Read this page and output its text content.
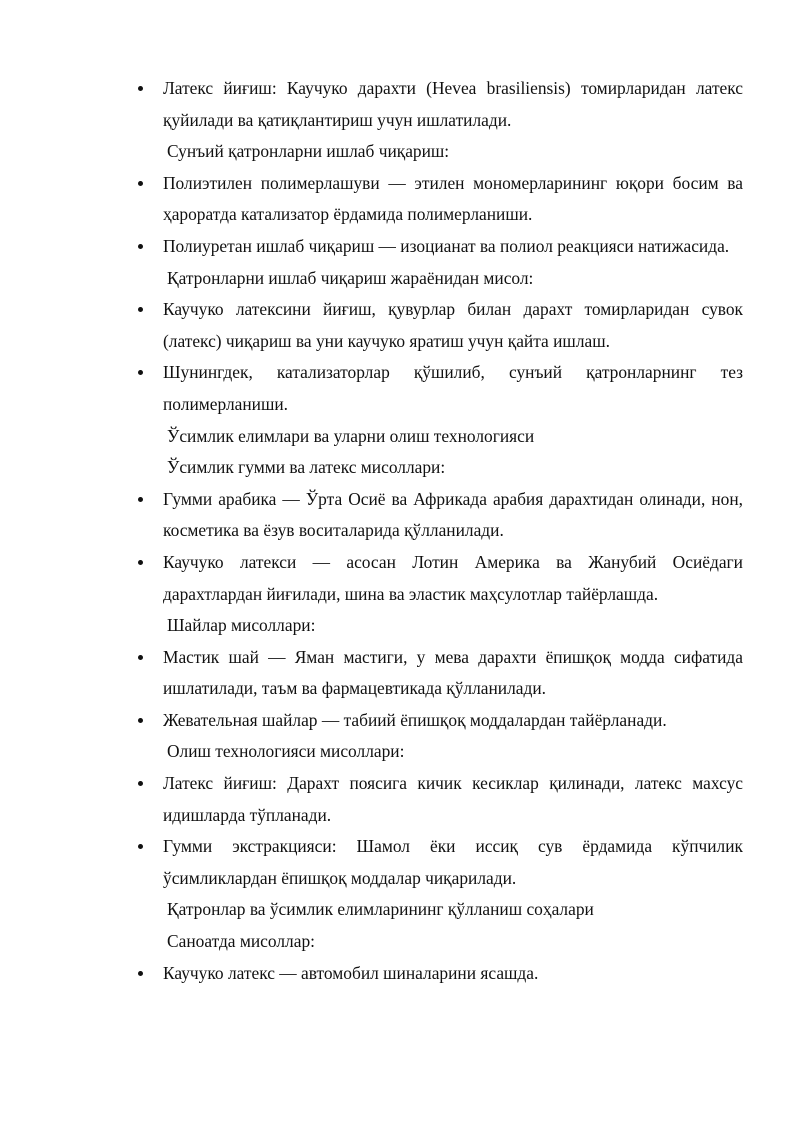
Латекс йиғиш: Каучуко дарахти (Hevea brasiliensis) томирларидан латекс қуйилади ва қатиқлантириш учун ишлатилади.

Сунъий қатронларни ишлаб чиқариш:

Полиэтилен полимерлашуви — этилен мономерларининг юқори босим ва ҳароратда катализатор ёрдамида полимерланиши.

Полиуретан ишлаб чиқариш — изоцианат ва полиол реакцияси натижасида.

Қатронларни ишлаб чиқариш жараёнидан мисол:

Каучуко латексини йиғиш, қувурлар билан дарахт томирларидан сувок (латекс) чиқариш ва уни каучуко яратиш учун қайта ишлаш.

Шунингдек, катализаторлар қўшилиб, сунъий қатронларнинг тез полимерланиши.

Ўсимлик елимлари ва уларни олиш технологияси

Ўсимлик гумми ва латекс мисоллари:

Гумми арабика — Ўрта Осиё ва Африкада арабия дарахтидан олинади, нон, косметика ва ёзув воситаларида қўлланилади.

Каучуко латекси — асосан Лотин Америка ва Жанубий Осиёдаги дарахтлардан йиғилади, шина ва эластик маҳсулотлар тайёрлашда.

Шайлар мисоллари:

Мастик шай — Яман мастиги, у мева дарахти ёпишқоқ модда сифатида ишлатилади, таъм ва фармацевтикада қўлланилади.

Жевательная шайлар — табиий ёпишқоқ моддалардан тайёрланади.

Олиш технологияси мисоллари:

Латекс йиғиш: Дарахт поясига кичик кесиклар қилинади, латекс махсус идишларда тўпланади.

Гумми экстракцияси: Шамол ёки иссиқ сув ёрдамида кўпчилик ўсимликлардан ёпишқоқ моддалар чиқарилади.

Қатронлар ва ўсимлик елимларининг қўлланиш соҳалари

Саноатда мисоллар:

Каучуко латекс — автомобил шиналарини ясашда.
